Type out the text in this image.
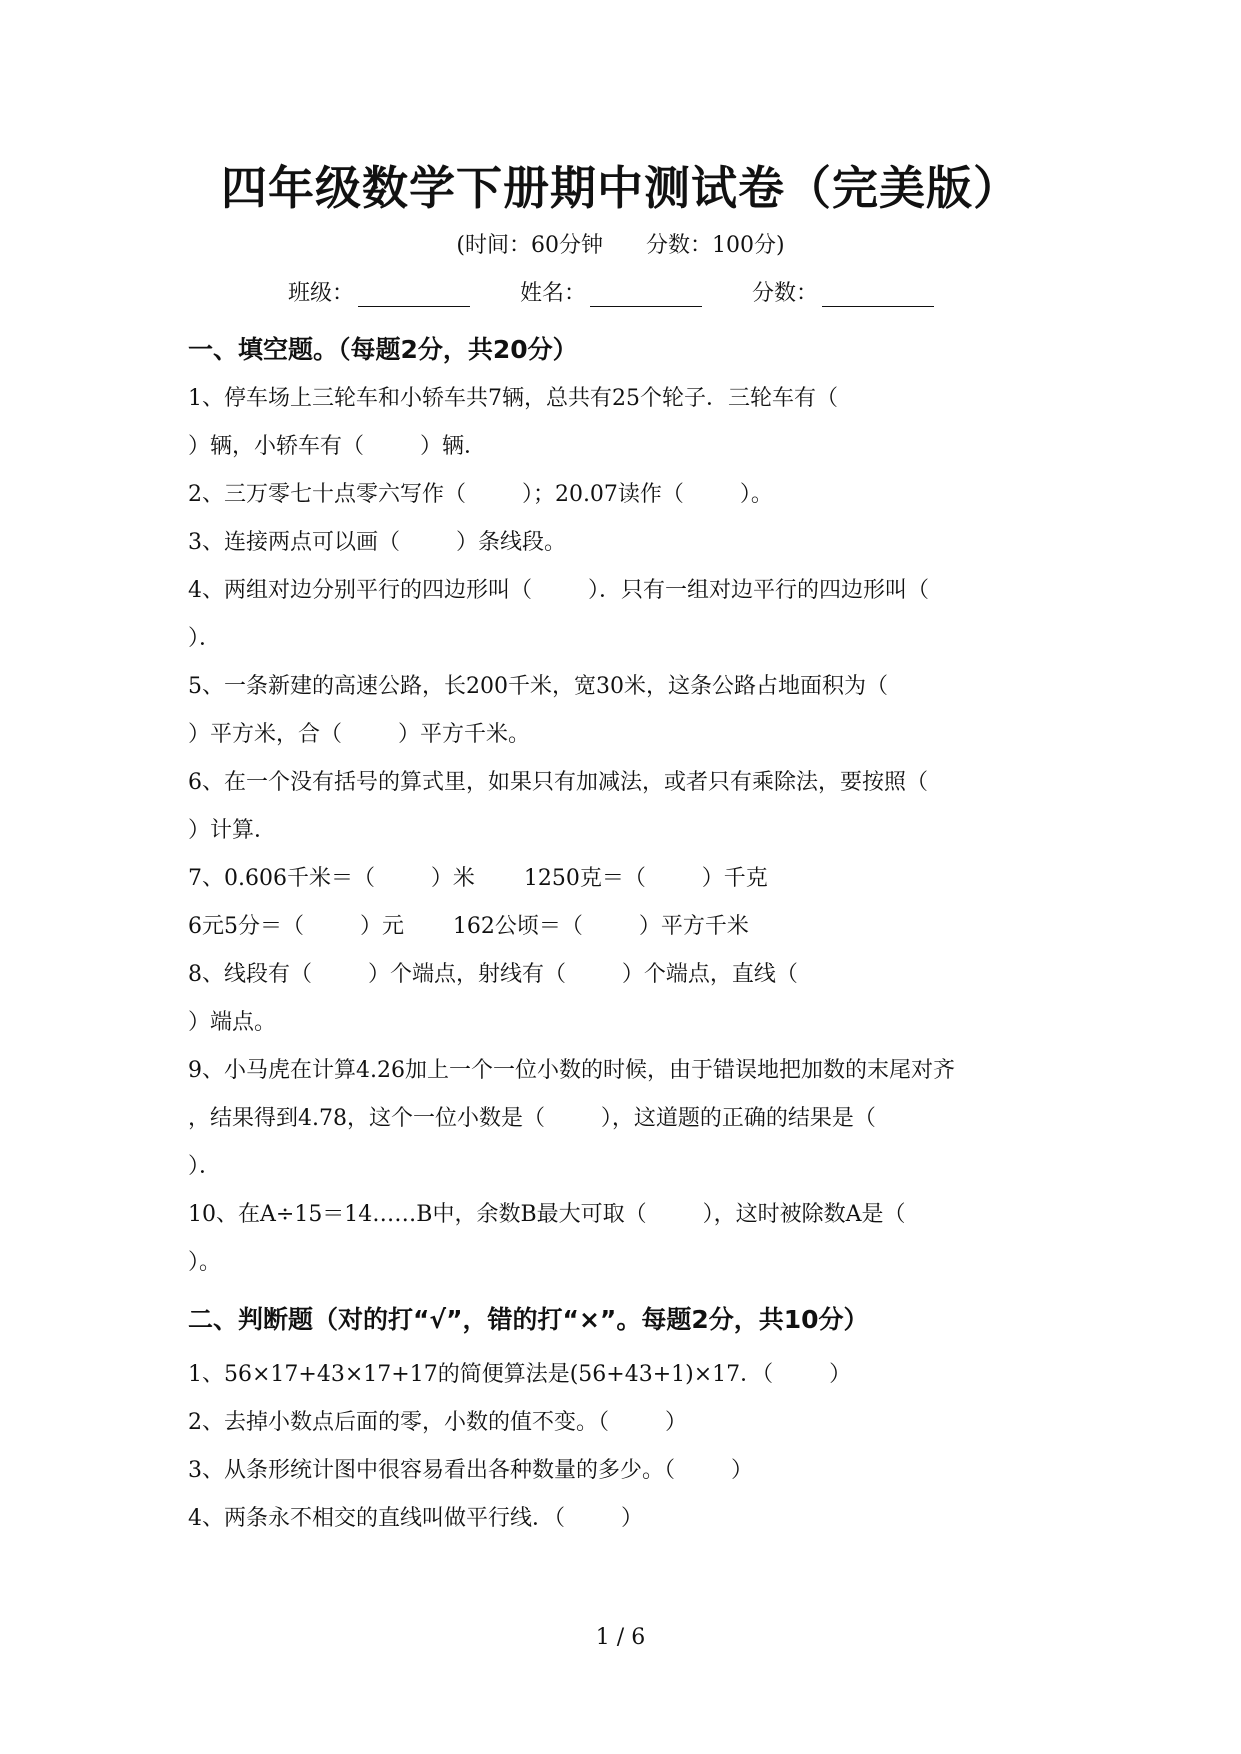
四年级数学下册期中测试卷（完美版）
(时间：60分钟 分数：100分)
班级：	姓名：	分数：
一、填空题。（每题2分，共20分）
1、停车场上三轮车和小轿车共7辆，总共有25个轮子．三轮车有（
）辆，小轿车有（        ）辆．
2、三万零七十点零六写作（        ）；20.07读作（        ）。
3、连接两点可以画（        ）条线段。
4、两组对边分别平行的四边形叫（        ）．只有一组对边平行的四边形叫（
）．
5、一条新建的高速公路，长200千米，宽30米，这条公路占地面积为（
）平方米，合（        ）平方千米。
6、在一个没有括号的算式里，如果只有加减法，或者只有乘除法，要按照（
）计算．
7、0.606千米＝（        ）米       1250克＝（        ）千克
6元5分＝（        ）元       162公顷＝（        ）平方千米
8、线段有（        ）个端点，射线有（        ）个端点，直线（
）端点。
9、小马虎在计算4.26加上一个一位小数的时候，由于错误地把加数的末尾对齐
，结果得到4.78，这个一位小数是（        ），这道题的正确的结果是（
）．
10、在A÷15＝14……B中，余数B最大可取（        ），这时被除数A是（
）。
二、判断题（对的打“√”，错的打“×”。每题2分，共10分）
1、56×17+43×17+17的简便算法是(56+43+1)×17．（        ）
2、去掉小数点后面的零，小数的值不变。（        ）
3、从条形统计图中很容易看出各种数量的多少。（        ）
4、两条永不相交的直线叫做平行线．（        ）
1 / 6
